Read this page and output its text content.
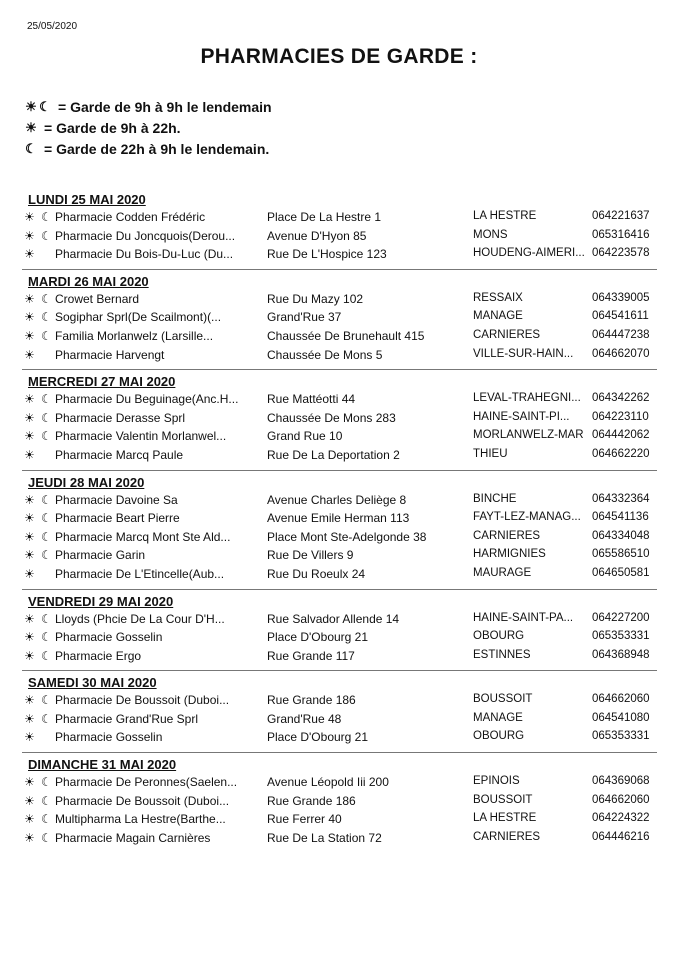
25/05/2020
PHARMACIES DE GARDE :
☀ ☾ = Garde de 9h à 9h le lendemain
☀ = Garde de 9h à 22h.
☾ = Garde de 22h à 9h le lendemain.
LUNDI 25 MAI 2020
☀ ☾ Pharmacie Codden Frédéric	Place De La Hestre 1	LA HESTRE	064221637
☀ ☾ Pharmacie Du Joncquois(Derou...	Avenue D'Hyon 85	MONS	065316416
☀ Pharmacie Du Bois-Du-Luc (Du...	Rue De L'Hospice 123	HOUDENG-AIMERI... 064223578
MARDI 26 MAI 2020
☀ ☾ Crowet Bernard	Rue Du Mazy 102	RESSAIX	064339005
☀ ☾ Sogiphar Sprl(De Scailmont)(...	Grand'Rue 37	MANAGE	064541611
☀ ☾ Familia Morlanwelz (Larsille...	Chaussée De Brunehault 415	CARNIÈRES	064447238
☀ Pharmacie Harvengt	Chaussée De Mons 5	VILLE-SUR-HAIN...	064662070
MERCREDI 27 MAI 2020
☀ ☾ Pharmacie Du Beguinage(Anc.H...	Rue Mattéotti 44	LEVAL-TRAHEGNI... 064342262
☀ ☾ Pharmacie Derasse Sprl	Chaussée De Mons 283	HAINE-SAINT-PI...	064223110
☀ ☾ Pharmacie Valentin Morlanwel...	Grand Rue 10	MORLANWELZ-MAR 064442062
☀ Pharmacie Marcq Paule	Rue De La Deportation 2	THIEU	064662220
JEUDI 28 MAI 2020
☀ ☾ Pharmacie Davoine Sa	Avenue Charles Deliège 8	BINCHE	064332364
☀ ☾ Pharmacie Beart Pierre	Avenue Emile Herman 113	FAYT-LEZ-MANAG... 064541136
☀ ☾ Pharmacie Marcq Mont Ste Ald...	Place Mont Ste-Adelgonde 38	CARNIÈRES	064334048
☀ ☾ Pharmacie Garin	Rue De Villers 9	HARMIGNIES	065586510
☀ Pharmacie De L'Etincelle(Aub...	Rue Du Roeulx 24	MAURAGE	064650581
VENDREDI 29 MAI 2020
☀ ☾ Lloyds (Phcie De La Cour D'H...	Rue Salvador Allende 14	HAINE-SAINT-PA...	064227200
☀ ☾ Pharmacie Gosselin	Place D'Obourg 21	OBOURG	065353331
☀ ☾ Pharmacie Ergo	Rue Grande 117	ESTINNES	064368948
SAMEDI 30 MAI 2020
☀ ☾ Pharmacie De Boussoit (Duboi...	Rue Grande 186	BOUSSOIT	064662060
☀ ☾ Pharmacie Grand'Rue Sprl	Grand'Rue 48	MANAGE	064541080
☀ Pharmacie Gosselin	Place D'Obourg 21	OBOURG	065353331
DIMANCHE 31 MAI 2020
☀ ☾ Pharmacie De Peronnes(Saelen...	Avenue Léopold Iii 200	EPINOIS	064369068
☀ ☾ Pharmacie De Boussoit (Duboi...	Rue Grande 186	BOUSSOIT	064662060
☀ ☾ Multipharma La Hestre(Barthe...	Rue Ferrer 40	LA HESTRE	064224322
☀ ☾ Pharmacie Magain Carnières	Rue De La Station 72	CARNIÈRES	064446216
